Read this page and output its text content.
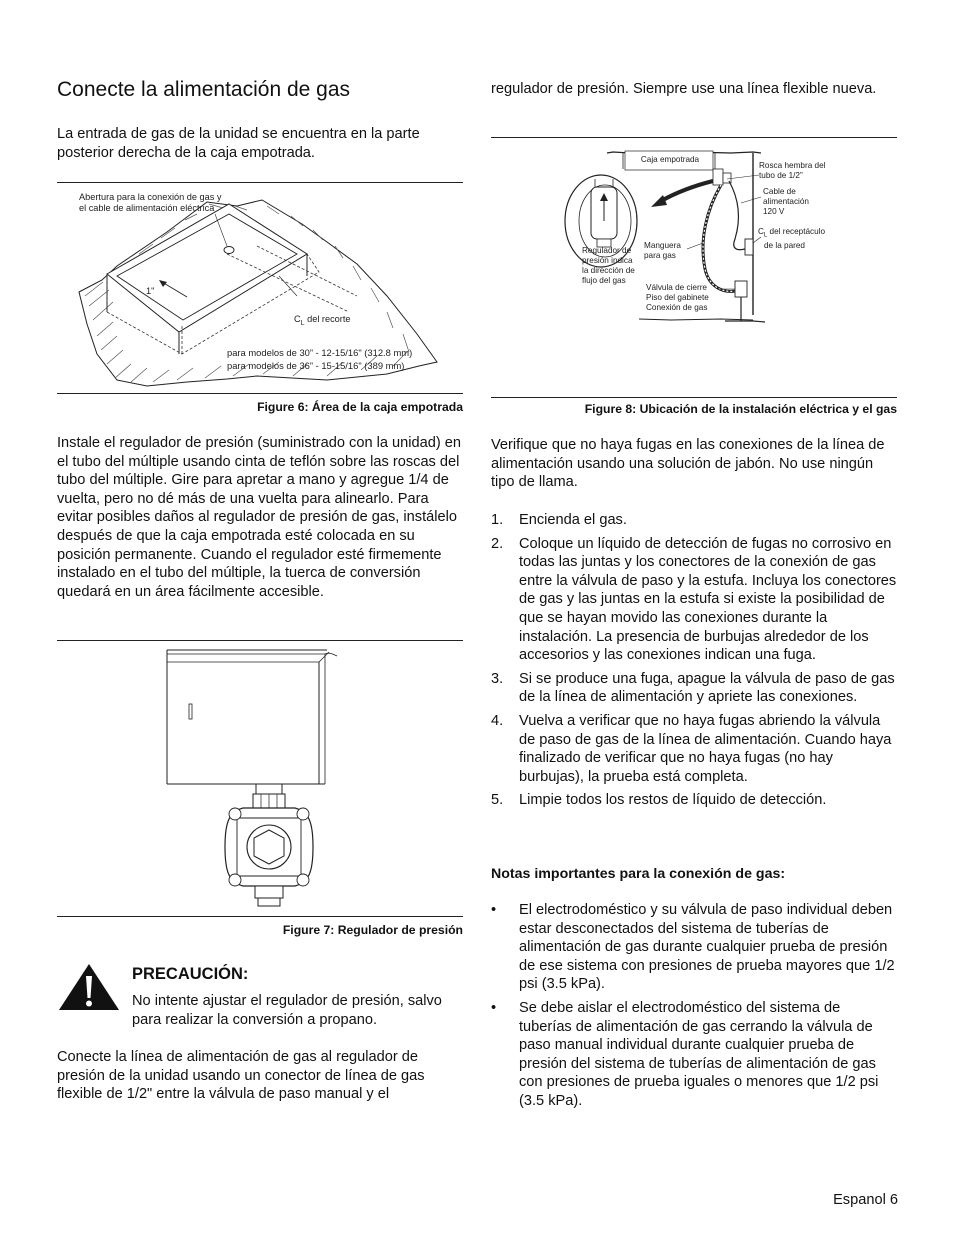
Conecte la alimentación de gas

La entrada de gas de la unidad se encuentra en la parte posterior derecha de la caja empotrada.

Abertura para la conexión de gas y el cable de alimentación eléctrica
1"
$C_L$ del recorte
para modelos de 30” - 12-15/16" (312.8 mm)
para modelos de 36” - 15-15/16" (389 mm)
Figure 6: Área de la caja empotrada

Instale el regulador de presión (suministrado con la unidad) en el tubo del múltiple usando cinta de teflón sobre las roscas del tubo del múltiple. Gire para apretar a mano y agregue 1/4 de vuelta, pero no dé más de una vuelta para alinearlo. Para evitar posibles daños al regulador de presión de gas, instálelo después de que la caja empotrada esté colocada en su posición permanente. Cuando el regulador esté firmemente instalado en el tubo del múltiple, la tuerca de conversión quedará en un área fácilmente accesible.

Figure 7: Regulador de presión
PRECAUCIÓN:

No intente ajustar el regulador de presión, salvo para realizar la conversión a propano.

Conecte la línea de alimentación de gas al regulador de presión de la unidad usando un conector de línea de gas flexible de 1/2" entre la válvula de paso manual y el

regulador de presión. Siempre use una línea flexible nueva.

Caja empotrada
Rosca hembra del tubo de 1/2”
Cable de alimentación 120 V
$C_L$ del receptáculo
de la pared
Regulador de presión indica la dirección de flujo del gas
Manguera para gas
Válvula de cierre Piso del gabinete Conexión de gas
Figure 8: Ubicación de la instalación eléctrica y el gas

Verifique que no haya fugas en las conexiones de la línea de alimentación usando una solución de jabón. No use ningún tipo de llama.

1. Encienda el gas.
2. Coloque un líquido de detección de fugas no corrosivo en todas las juntas y los conectores de la conexión de gas entre la válvula de paso y la estufa. Incluya los conectores de gas y las juntas en la estufa si existe la posibilidad de que se hayan movido las conexiones durante la instalación. La presencia de burbujas alrededor de los accesorios y las conexiones indican una fuga.
3. Si se produce una fuga, apague la válvula de paso de gas de la línea de alimentación y apriete las conexiones.
4. Vuelva a verificar que no haya fugas abriendo la válvula de paso de gas de la línea de alimentación. Cuando haya finalizado de verificar que no haya fugas (no hay burbujas), la prueba está completa.
5. Limpie todos los restos de líquido de detección.
Notas importantes para la conexión de gas:
• El electrodoméstico y su válvula de paso individual deben estar desconectados del sistema de tuberías de alimentación de gas durante cualquier prueba de presión de ese sistema con presiones de prueba mayores que 1/2 psi (3.5 kPa).
• Se debe aislar el electrodoméstico del sistema de tuberías de alimentación de gas cerrando la válvula de paso manual individual durante cualquier prueba de presión del sistema de tuberías de alimentación de gas con presiones de prueba iguales o menores que 1/2 psi (3.5 kPa).
Espanol 6
